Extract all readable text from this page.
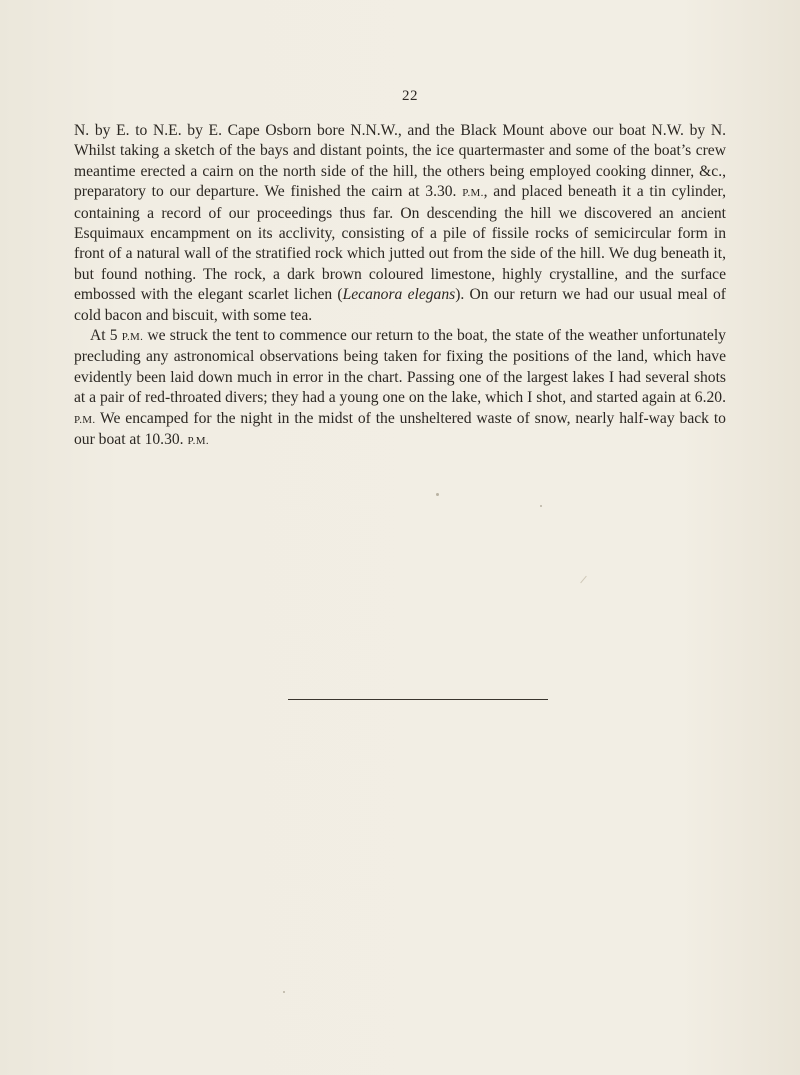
22

N. by E. to N.E. by E. Cape Osborn bore N.N.W., and the Black Mount above our boat N.W. by N. Whilst taking a sketch of the bays and distant points, the ice quartermaster and some of the boat’s crew meantime erected a cairn on the north side of the hill, the others being employed cooking dinner, &c., preparatory to our departure. We finished the cairn at 3.30. P.M., and placed beneath it a tin cylinder, containing a record of our proceedings thus far. On descending the hill we discovered an ancient Esquimaux encampment on its acclivity, consisting of a pile of fissile rocks of semicircular form in front of a natural wall of the stratified rock which jutted out from the side of the hill. We dug beneath it, but found nothing. The rock, a dark brown coloured limestone, highly crystalline, and the surface embossed with the elegant scarlet lichen (Lecanora elegans). On our return we had our usual meal of cold bacon and biscuit, with some tea.

At 5 P.M. we struck the tent to commence our return to the boat, the state of the weather unfortunately precluding any astronomical observations being taken for fixing the positions of the land, which have evidently been laid down much in error in the chart. Passing one of the largest lakes I had several shots at a pair of red-throated divers; they had a young one on the lake, which I shot, and started again at 6.20. P.M. We encamped for the night in the midst of the unsheltered waste of snow, nearly half-way back to our boat at 10.30. P.M.
